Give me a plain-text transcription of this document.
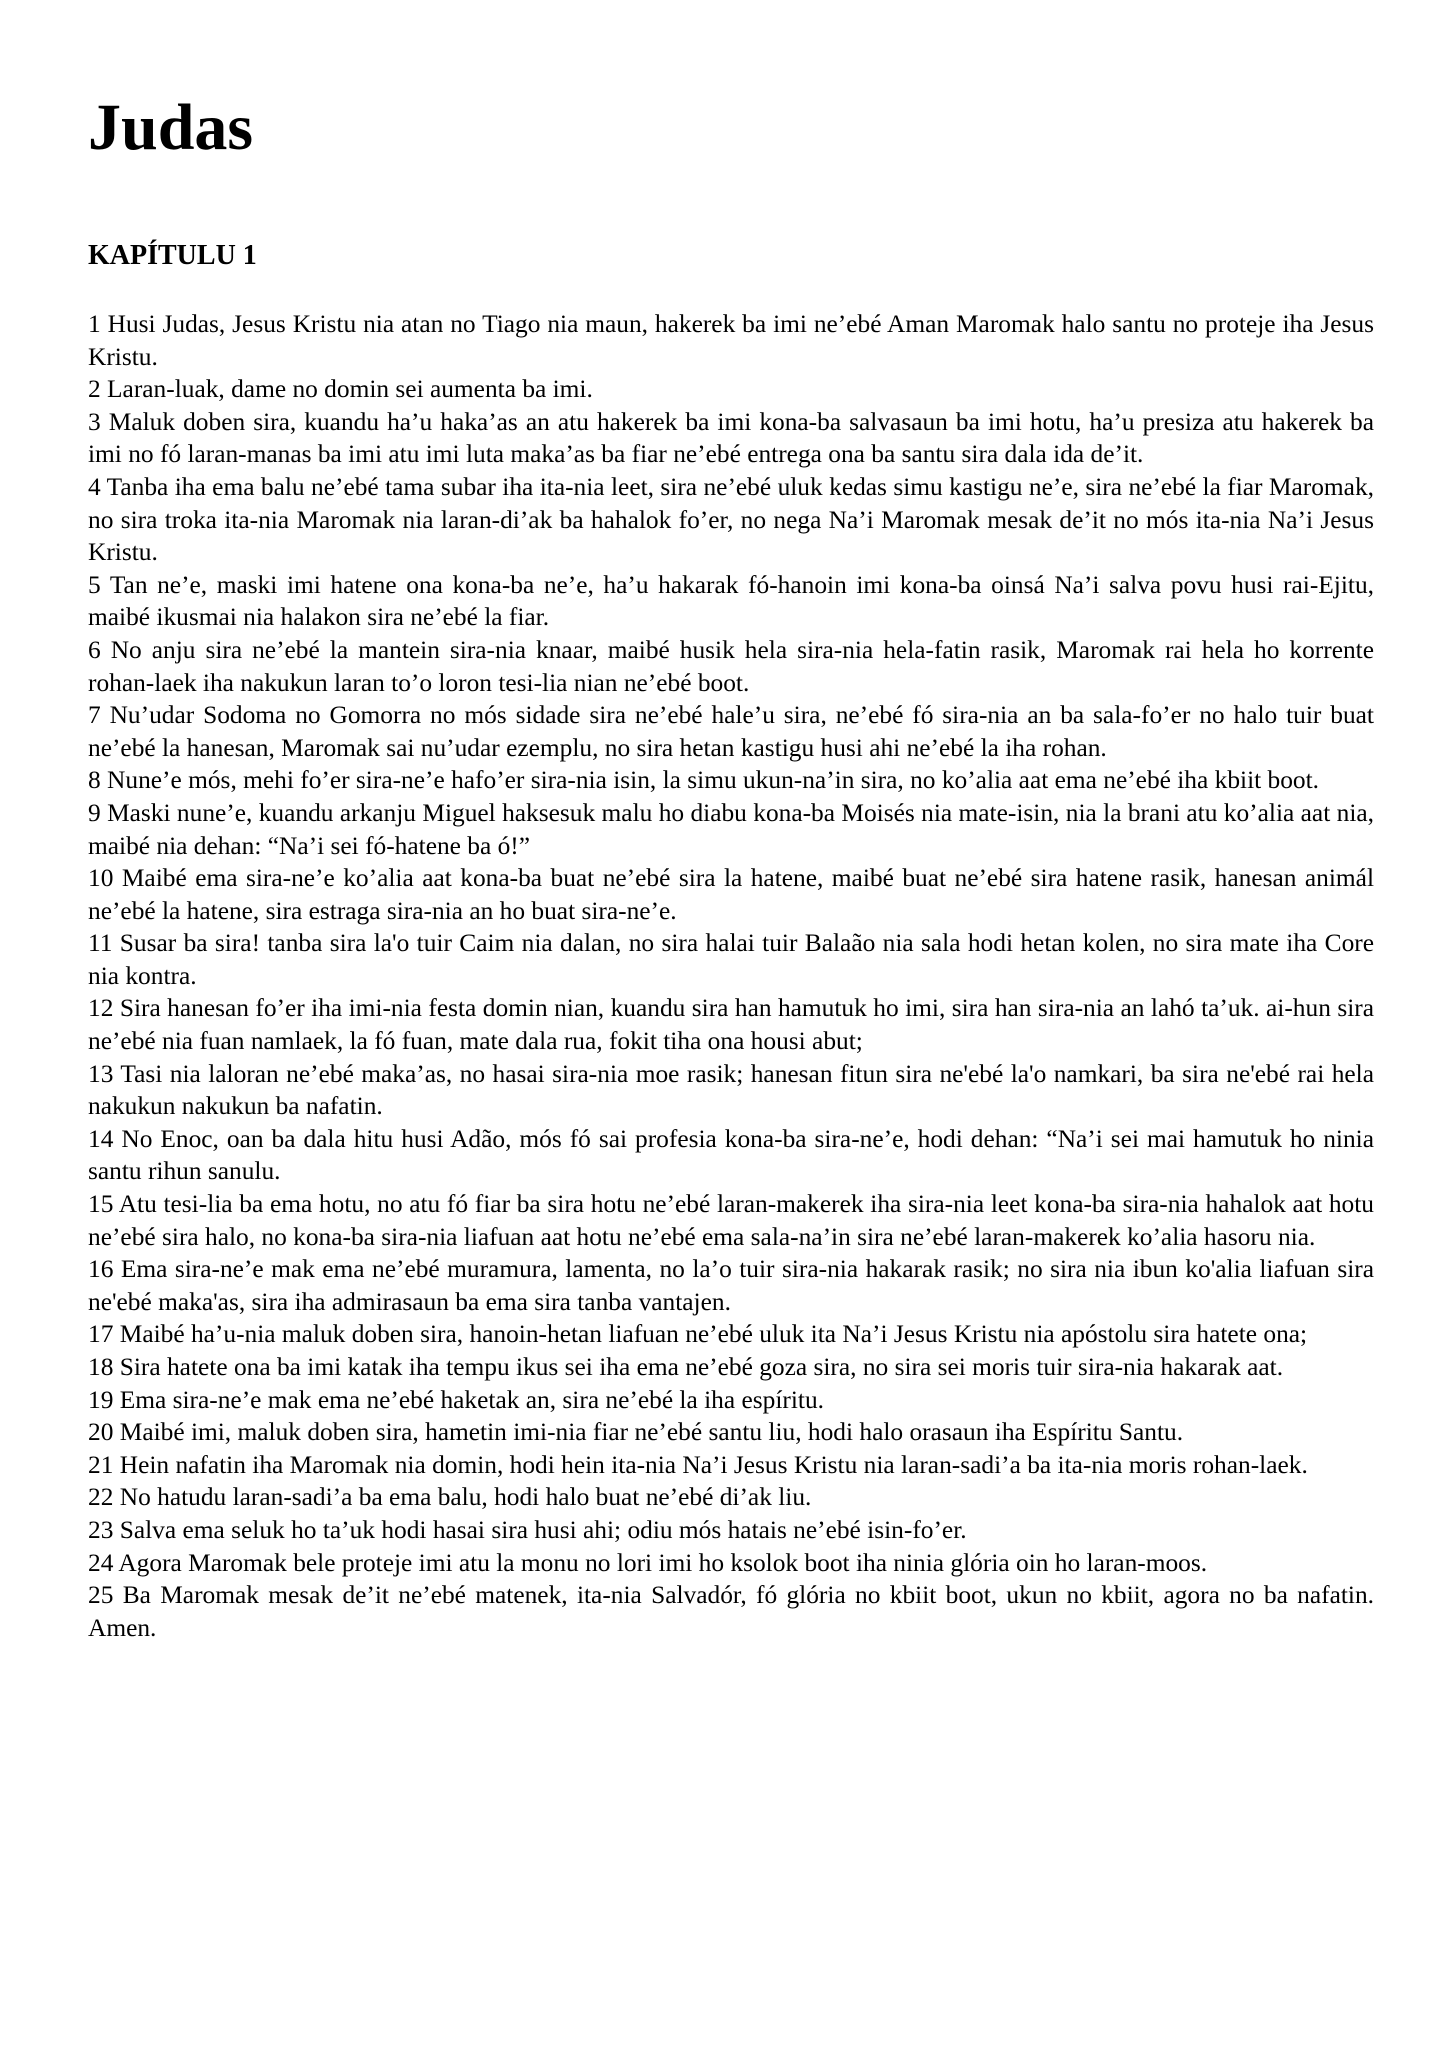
Judas
KAPÍTULU 1

1 Husi Judas, Jesus Kristu nia atan no Tiago nia maun, hakerek ba imi ne’ebé Aman Maromak halo santu no proteje iha Jesus Kristu.

2 Laran-luak, dame no domin sei aumenta ba imi.

3 Maluk doben sira, kuandu ha’u haka’as an atu hakerek ba imi kona-ba salvasaun ba imi hotu, ha’u presiza atu hakerek ba imi no fó laran-manas ba imi atu imi luta maka’as ba fiar ne’ebé entrega ona ba santu sira dala ida de’it.

4 Tanba iha ema balu ne’ebé tama subar iha ita-nia leet, sira ne’ebé uluk kedas simu kastigu ne’e, sira ne’ebé la fiar Maromak, no sira troka ita-nia Maromak nia laran-di’ak ba hahalok fo’er, no nega Na’i Maromak mesak de’it no mós ita-nia Na’i Jesus Kristu.

5 Tan ne’e, maski imi hatene ona kona-ba ne’e, ha’u hakarak fó-hanoin imi kona-ba oinsá Na’i salva povu husi rai-Ejitu, maibé ikusmai nia halakon sira ne’ebé la fiar.

6 No anju sira ne’ebé la mantein sira-nia knaar, maibé husik hela sira-nia hela-fatin rasik, Maromak rai hela ho korrente rohan-laek iha nakukun laran to’o loron tesi-lia nian ne’ebé boot.

7 Nu’udar Sodoma no Gomorra no mós sidade sira ne’ebé hale’u sira, ne’ebé fó sira-nia an ba sala-fo’er no halo tuir buat ne’ebé la hanesan, Maromak sai nu’udar ezemplu, no sira hetan kastigu husi ahi ne’ebé la iha rohan.

8 Nune’e mós, mehi fo’er sira-ne’e hafo’er sira-nia isin, la simu ukun-na’in sira, no ko’alia aat ema ne’ebé iha kbiit boot.

9 Maski nune’e, kuandu arkanju Miguel haksesuk malu ho diabu kona-ba Moisés nia mate-isin, nia la brani atu ko’alia aat nia, maibé nia dehan: “Na’i sei fó-hatene ba ó!”

10 Maibé ema sira-ne’e ko’alia aat kona-ba buat ne’ebé sira la hatene, maibé buat ne’ebé sira hatene rasik, hanesan animál ne’ebé la hatene, sira estraga sira-nia an ho buat sira-ne’e.

11 Susar ba sira! tanba sira la'o tuir Caim nia dalan, no sira halai tuir Balaão nia sala hodi hetan kolen, no sira mate iha Core nia kontra.

12 Sira hanesan fo’er iha imi-nia festa domin nian, kuandu sira han hamutuk ho imi, sira han sira-nia an lahó ta’uk. ai-hun sira ne’ebé nia fuan namlaek, la fó fuan, mate dala rua, fokit tiha ona housi abut;

13 Tasi nia laloran ne’ebé maka’as, no hasai sira-nia moe rasik; hanesan fitun sira ne'ebé la'o namkari, ba sira ne'ebé rai hela nakukun nakukun ba nafatin.

14 No Enoc, oan ba dala hitu husi Adão, mós fó sai profesia kona-ba sira-ne’e, hodi dehan: “Na’i sei mai hamutuk ho ninia santu rihun sanulu.

15 Atu tesi-lia ba ema hotu, no atu fó fiar ba sira hotu ne’ebé laran-makerek iha sira-nia leet kona-ba sira-nia hahalok aat hotu ne’ebé sira halo, no kona-ba sira-nia liafuan aat hotu ne’ebé ema sala-na’in sira ne’ebé laran-makerek ko’alia hasoru nia.

16 Ema sira-ne’e mak ema ne’ebé muramura, lamenta, no la’o tuir sira-nia hakarak rasik; no sira nia ibun ko'alia liafuan sira ne'ebé maka'as, sira iha admirasaun ba ema sira tanba vantajen.

17 Maibé ha’u-nia maluk doben sira, hanoin-hetan liafuan ne’ebé uluk ita Na’i Jesus Kristu nia apóstolu sira hatete ona;

18 Sira hatete ona ba imi katak iha tempu ikus sei iha ema ne’ebé goza sira, no sira sei moris tuir sira-nia hakarak aat.

19 Ema sira-ne’e mak ema ne’ebé haketak an, sira ne’ebé la iha espíritu.

20 Maibé imi, maluk doben sira, hametin imi-nia fiar ne’ebé santu liu, hodi halo orasaun iha Espíritu Santu.

21 Hein nafatin iha Maromak nia domin, hodi hein ita-nia Na’i Jesus Kristu nia laran-sadi’a ba ita-nia moris rohan-laek.

22 No hatudu laran-sadi’a ba ema balu, hodi halo buat ne’ebé di’ak liu.

23 Salva ema seluk ho ta’uk hodi hasai sira husi ahi; odiu mós hatais ne’ebé isin-fo’er.

24 Agora Maromak bele proteje imi atu la monu no lori imi ho ksolok boot iha ninia glória oin ho laran-moos.

25 Ba Maromak mesak de’it ne’ebé matenek, ita-nia Salvadór, fó glória no kbiit boot, ukun no kbiit, agora no ba nafatin. Amen.
